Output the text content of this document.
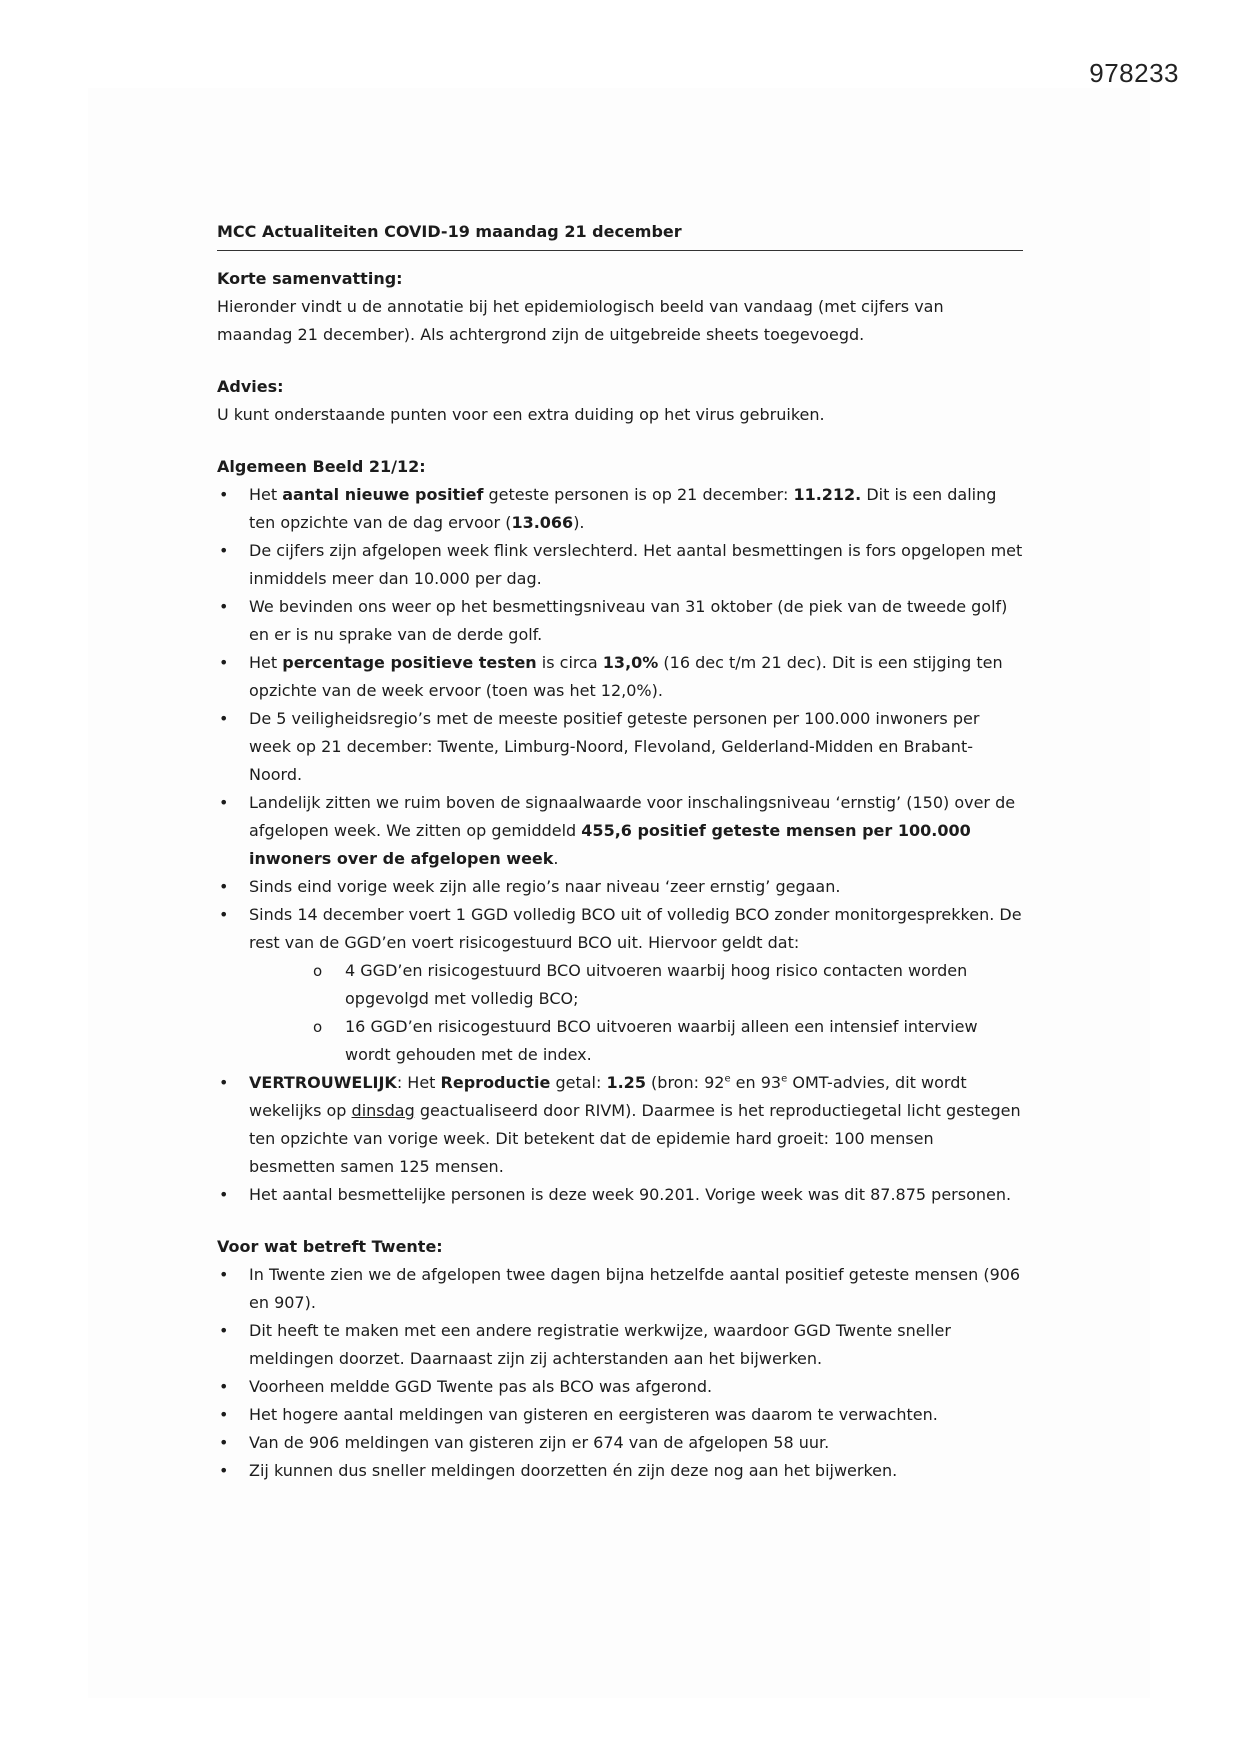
978233
MCC Actualiteiten COVID-19 maandag 21 december

Korte samenvatting:

Hieronder vindt u de annotatie bij het epidemiologisch beeld van vandaag (met cijfers van maandag 21 december). Als achtergrond zijn de uitgebreide sheets toegevoegd.

Advies:

U kunt onderstaande punten voor een extra duiding op het virus gebruiken.

Algemeen Beeld 21/12:

• Het aantal nieuwe positief geteste personen is op 21 december: 11.212. Dit is een daling ten opzichte van de dag ervoor (13.066).
• De cijfers zijn afgelopen week flink verslechterd. Het aantal besmettingen is fors opgelopen met inmiddels meer dan 10.000 per dag.
• We bevinden ons weer op het besmettingsniveau van 31 oktober (de piek van de tweede golf) en er is nu sprake van de derde golf.
• Het percentage positieve testen is circa 13,0% (16 dec t/m 21 dec). Dit is een stijging ten opzichte van de week ervoor (toen was het 12,0%).
• De 5 veiligheidsregio’s met de meeste positief geteste personen per 100.000 inwoners per week op 21 december: Twente, Limburg-Noord, Flevoland, Gelderland-Midden en Brabant-Noord.
• Landelijk zitten we ruim boven de signaalwaarde voor inschalingsniveau ‘ernstig’ (150) over de afgelopen week. We zitten op gemiddeld 455,6 positief geteste mensen per 100.000 inwoners over de afgelopen week.
• Sinds eind vorige week zijn alle regio’s naar niveau ‘zeer ernstig’ gegaan.
• Sinds 14 december voert 1 GGD volledig BCO uit of volledig BCO zonder monitorgesprekken. De rest van de GGD’en voert risicogestuurd BCO uit. Hiervoor geldt dat:
o 4 GGD’en risicogestuurd BCO uitvoeren waarbij hoog risico contacten worden opgevolgd met volledig BCO;
o 16 GGD’en risicogestuurd BCO uitvoeren waarbij alleen een intensief interview wordt gehouden met de index.
• VERTROUWELIJK: Het Reproductie getal: 1.25 (bron: 92e en 93e OMT-advies, dit wordt wekelijks op dinsdag geactualiseerd door RIVM). Daarmee is het reproductiegetal licht gestegen ten opzichte van vorige week. Dit betekent dat de epidemie hard groeit: 100 mensen besmetten samen 125 mensen.
• Het aantal besmettelijke personen is deze week 90.201. Vorige week was dit 87.875 personen.

Voor wat betreft Twente:

• In Twente zien we de afgelopen twee dagen bijna hetzelfde aantal positief geteste mensen (906 en 907).
• Dit heeft te maken met een andere registratie werkwijze, waardoor GGD Twente sneller meldingen doorzet. Daarnaast zijn zij achterstanden aan het bijwerken.
• Voorheen meldde GGD Twente pas als BCO was afgerond.
• Het hogere aantal meldingen van gisteren en eergisteren was daarom te verwachten.
• Van de 906 meldingen van gisteren zijn er 674 van de afgelopen 58 uur.
• Zij kunnen dus sneller meldingen doorzetten én zijn deze nog aan het bijwerken.
